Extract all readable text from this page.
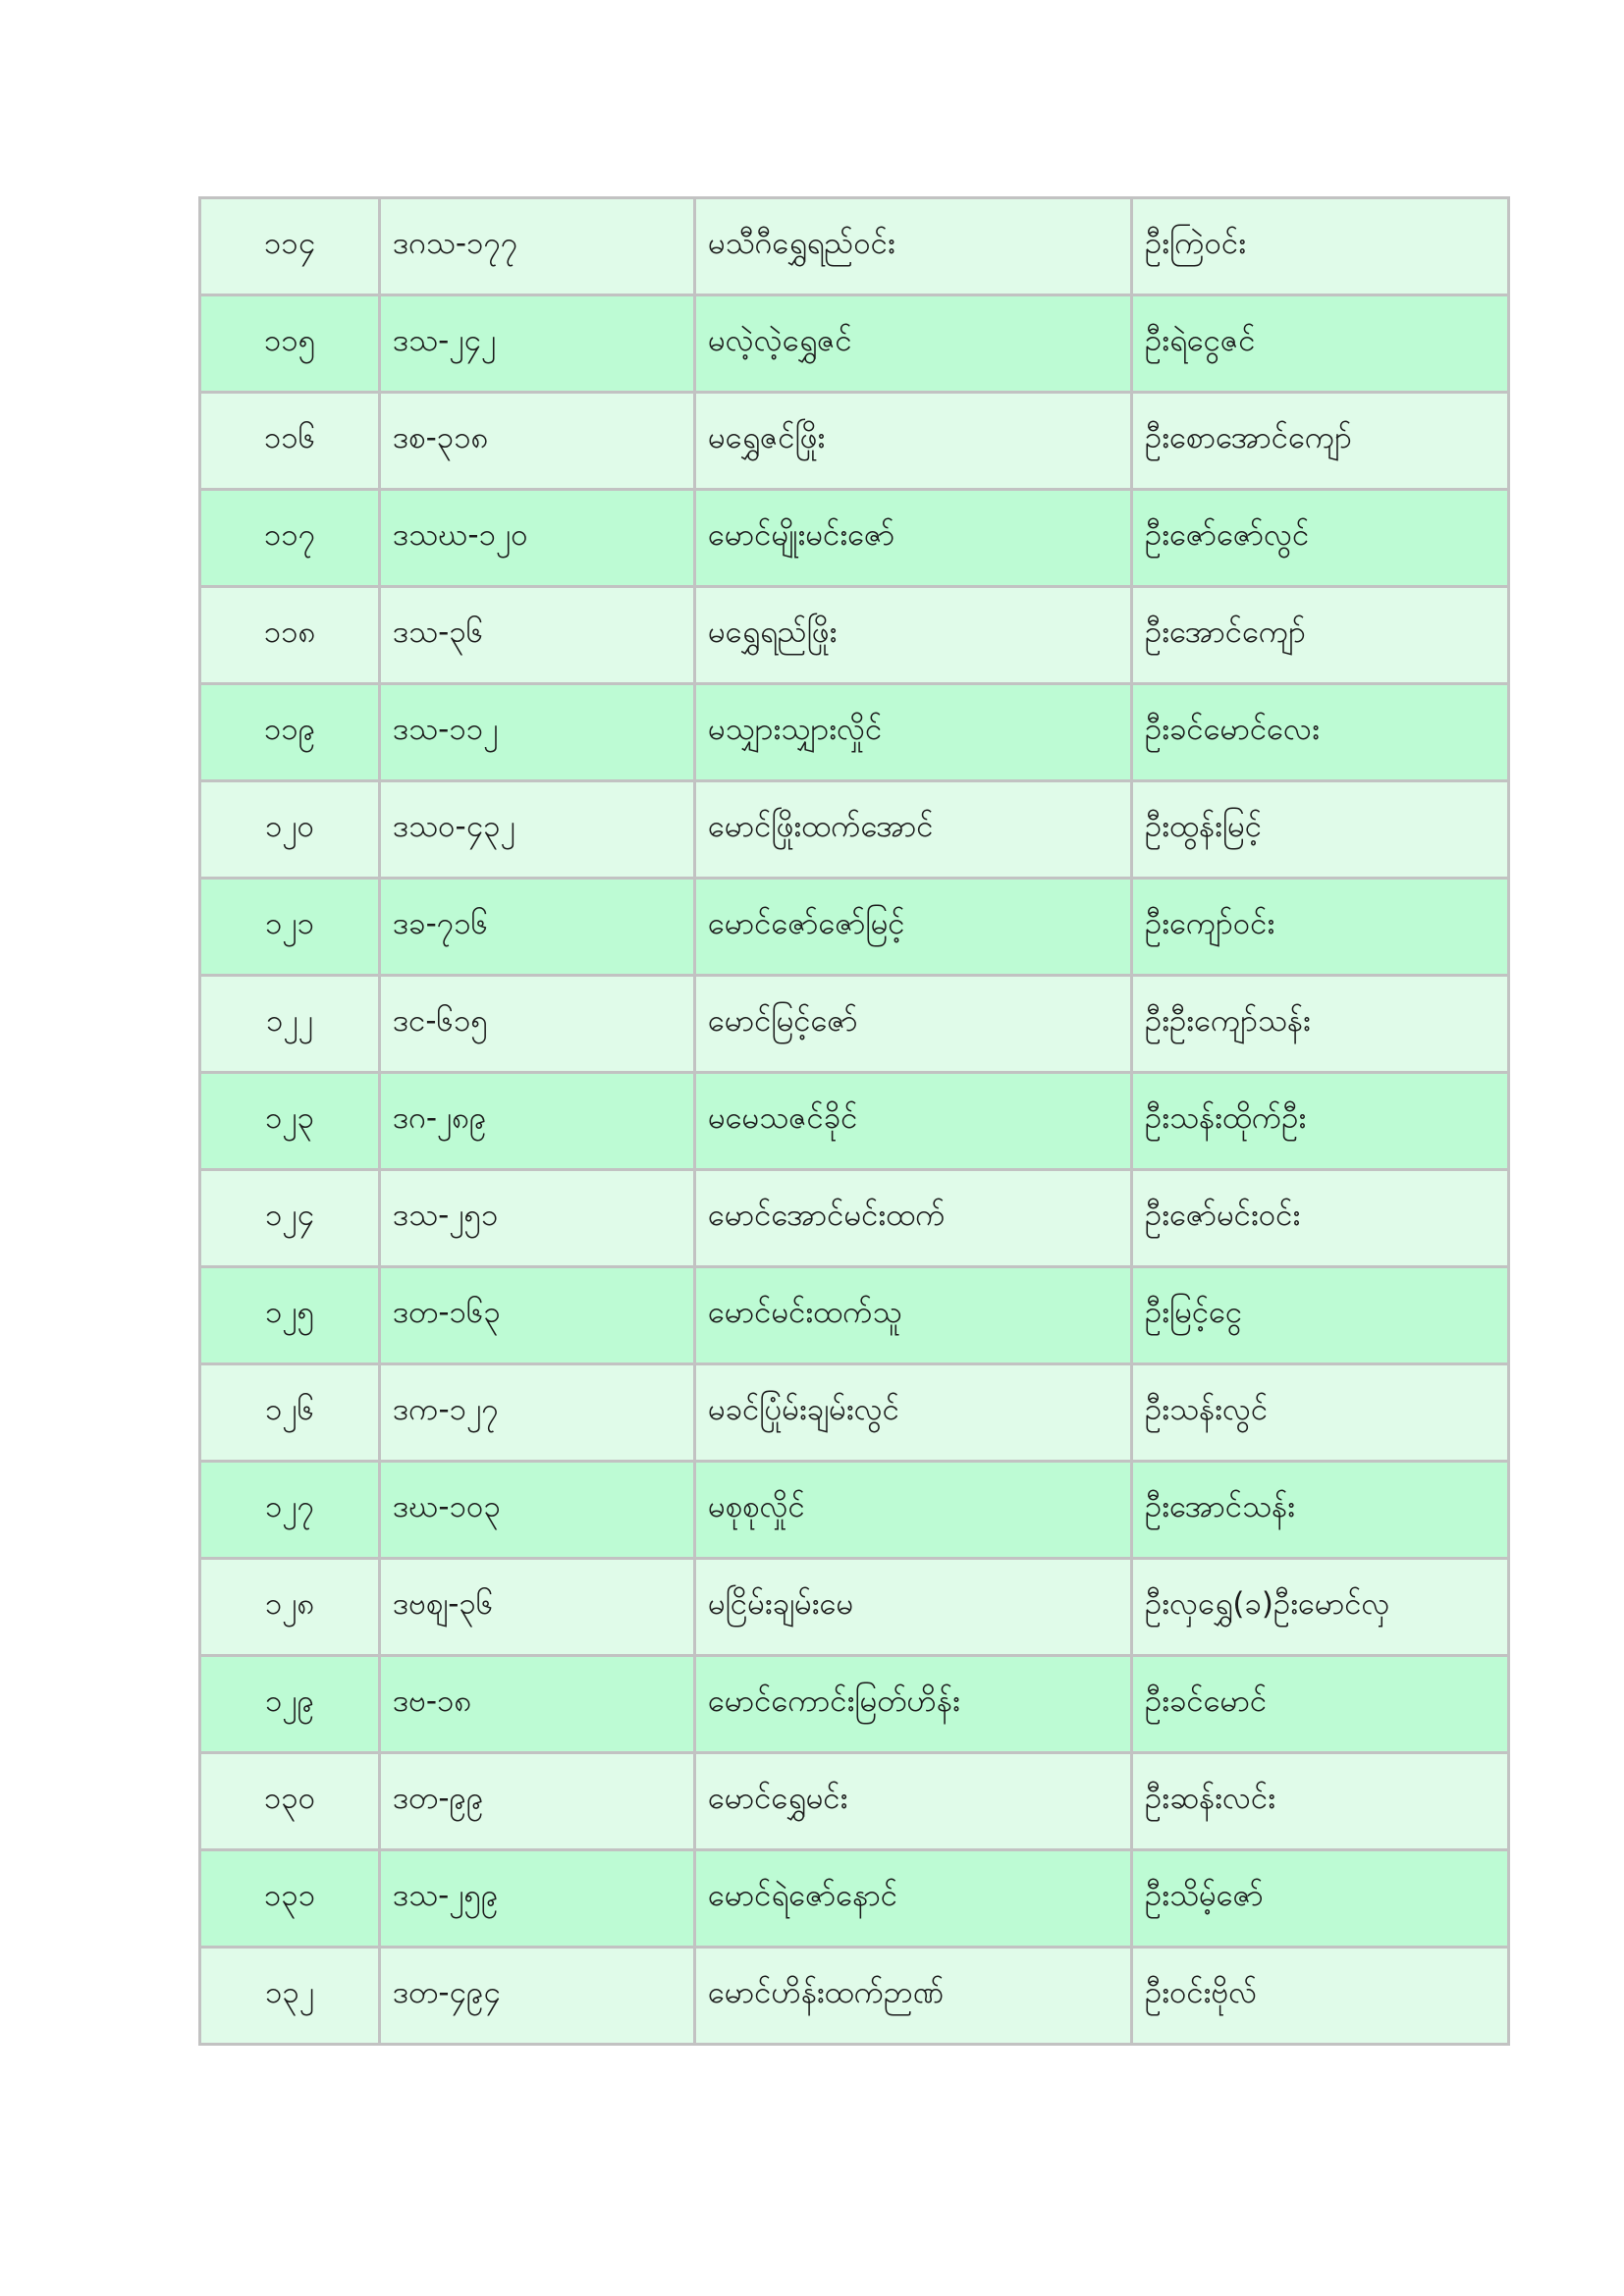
၁၁၄	ဒဂသ-၁၇၇	မသီဂီရွှေရည်ဝင်း	ဦးကြဲဝင်း
၁၁၅	ဒသ-၂၄၂	မလဲ့လဲ့ရွှေဇင်	ဦးရဲငွေဇင်
၁၁၆	ဒစ-၃၁၈	မရွှေဇင်ဖြိုး	ဦးစောအောင်ကျော်
၁၁၇	ဒသဃ-၁၂၀	မောင်မျိုးမင်းဇော်	ဦးဇော်ဇော်လွင်
၁၁၈	ဒသ-၃၆	မရွှေရည်ဖြိုး	ဦးအောင်ကျော်
၁၁၉	ဒသ-၁၁၂	မသျှားသျှားလှိုင်	ဦးခင်မောင်လေး
၁၂၀	ဒသဝ-၄၃၂	မောင်ဖြိုးထက်အောင်	ဦးထွန်းမြင့်
၁၂၁	ဒခ-၇၁၆	မောင်ဇော်ဇော်မြင့်	ဦးကျော်ဝင်း
၁၂၂	ဒင-၆၁၅	မောင်မြင့်ဇော်	ဦးဦးကျော်သန်း
၁၂၃	ဒဂ-၂၈၉	မမေသဇင်ခိုင်	ဦးသန်းထိုက်ဦး
၁၂၄	ဒသ-၂၅၁	မောင်အောင်မင်းထက်	ဦးဇော်မင်းဝင်း
၁၂၅	ဒတ-၁၆၃	မောင်မင်းထက်သူ	ဦးမြင့်ငွေ
၁၂၆	ဒက-၁၂၇	မခင်ပြုံမ်းချမ်းလွင်	ဦးသန်းလွင်
၁၂၇	ဒဃ-၁၀၃	မစုစုလှိုင်	ဦးအောင်သန်း
၁၂၈	ဒဗစျ-၃၆	မငြိမ်းချမ်းမေ	ဦးလှရွှေ(ခ)ဦးမောင်လှ
၁၂၉	ဒဗ-၁၈	မောင်ကောင်းမြတ်ဟိန်း	ဦးခင်မောင်
၁၃၀	ဒတ-၉၉	မောင်ရွှေမင်း	ဦးဆန်းလင်း
၁၃၁	ဒသ-၂၅၉	မောင်ရဲဇော်နောင်	ဦးသိမ့်ဇော်
၁၃၂	ဒတ-၄၉၄	မောင်ဟိန်းထက်ဉာဏ်	ဦးဝင်းဗိုလ်
